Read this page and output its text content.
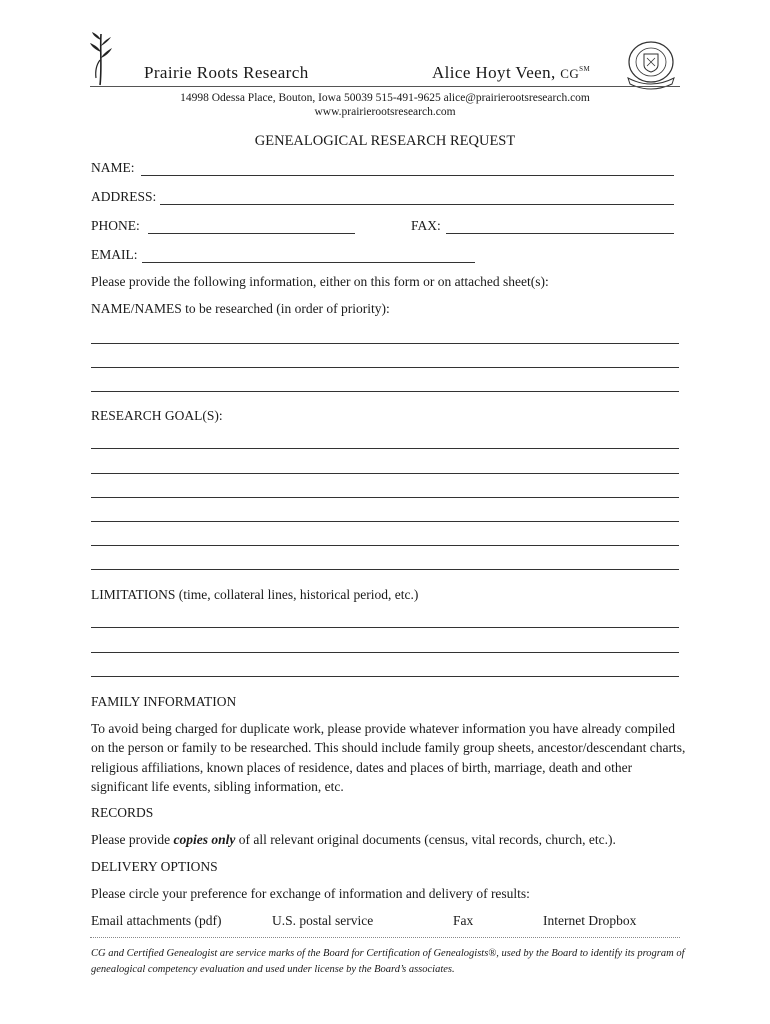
Prairie Roots Research	Alice Hoyt Veen, CG℠
14998 Odessa Place, Bouton, Iowa 50039 515-491-9625 alice@prairierootsresearch.com
www.prairierootsresearch.com
GENEALOGICAL RESEARCH REQUEST
NAME:
ADDRESS:
PHONE:	FAX:
EMAIL:
Please provide the following information, either on this form or on attached sheet(s):
NAME/NAMES to be researched (in order of priority):
RESEARCH GOAL(S):
LIMITATIONS (time, collateral lines, historical period, etc.)
FAMILY INFORMATION
To avoid being charged for duplicate work, please provide whatever information you have already compiled on the person or family to be researched. This should include family group sheets, ancestor/descendant charts, religious affiliations, known places of residence, dates and places of birth, marriage, death and other significant life events, sibling information, etc.
RECORDS
Please provide copies only of all relevant original documents (census, vital records, church, etc.).
DELIVERY OPTIONS
Please circle your preference for exchange of information and delivery of results:
Email attachments (pdf)	U.S. postal service	Fax	Internet Dropbox
CG and Certified Genealogist are service marks of the Board for Certification of Genealogists®, used by the Board to identify its program of genealogical competency evaluation and used under license by the Board’s associates.
